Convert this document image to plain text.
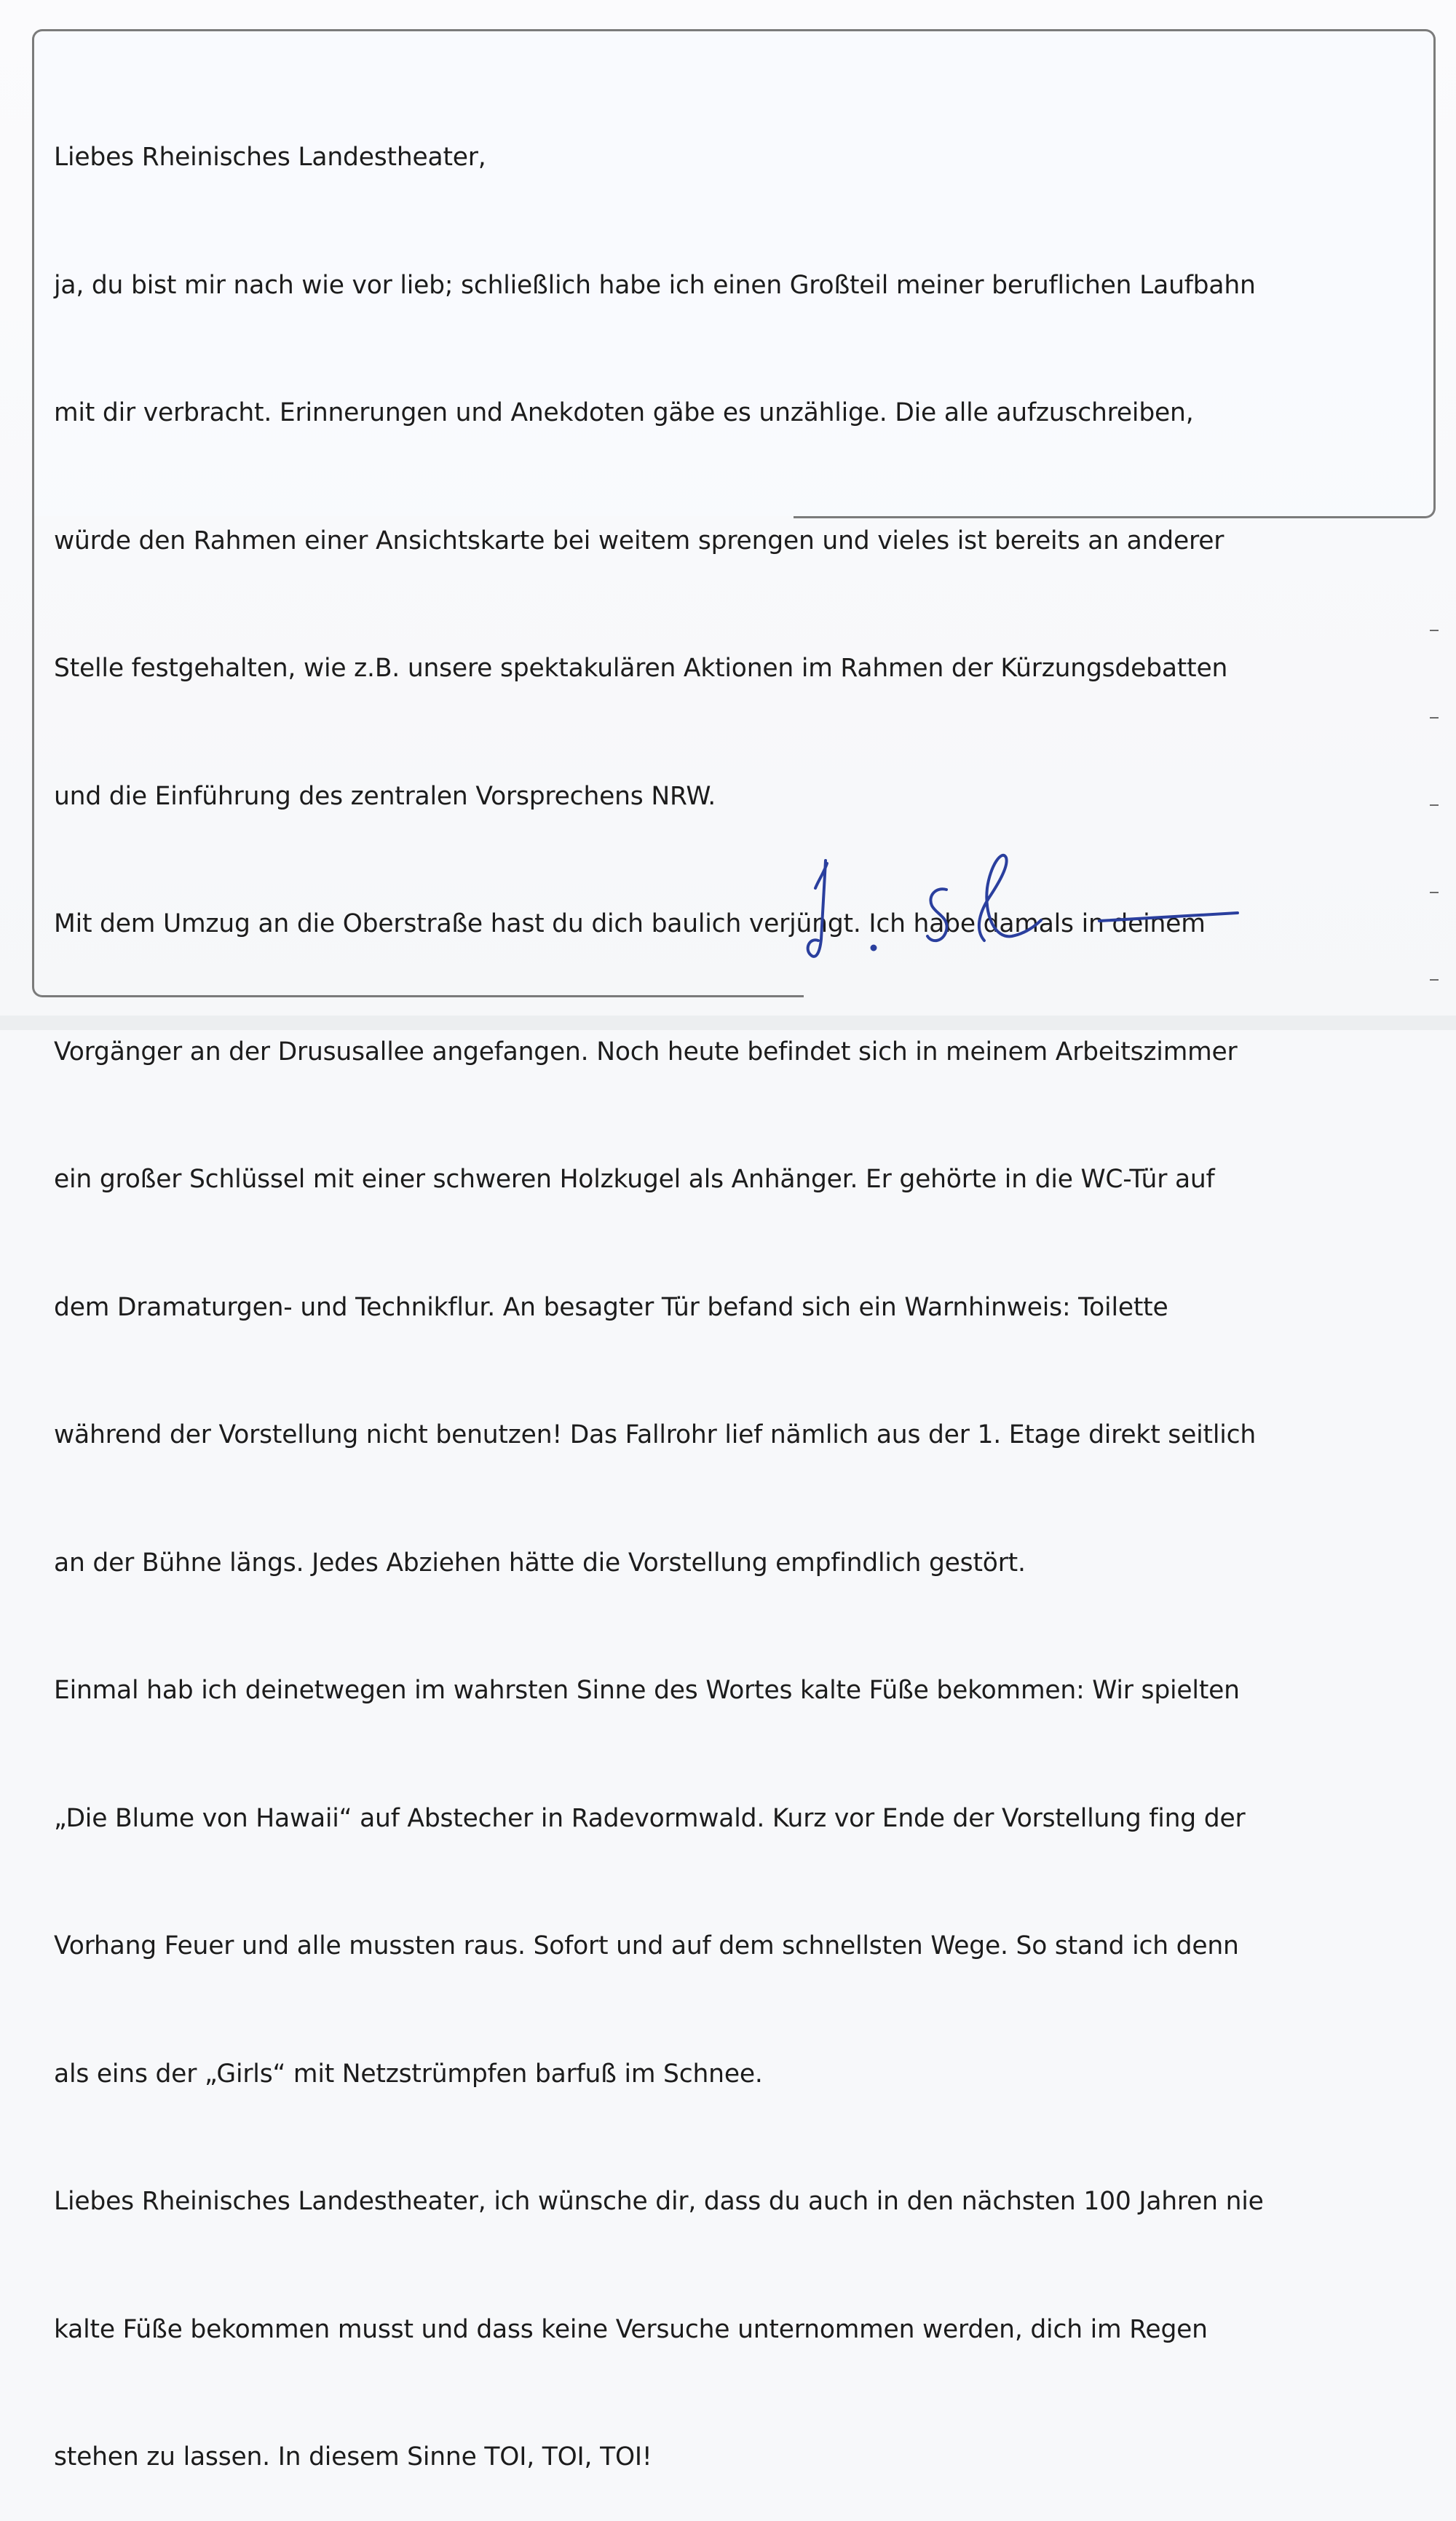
Liebes Rheinisches Landestheater,

ja, du bist mir nach wie vor lieb; schließlich habe ich einen Großteil meiner beruflichen Laufbahn

mit dir verbracht. Erinnerungen und Anekdoten gäbe es unzählige. Die alle aufzuschreiben,

würde den Rahmen einer Ansichtskarte bei weitem sprengen und vieles ist bereits an anderer

Stelle festgehalten, wie z.B. unsere spektakulären Aktionen im Rahmen der Kürzungsdebatten

und die Einführung des zentralen Vorsprechens NRW.

Mit dem Umzug an die Oberstraße hast du dich baulich verjüngt. Ich habe damals in deinem

Vorgänger an der Drususallee angefangen. Noch heute befindet sich in meinem Arbeitszimmer

ein großer Schlüssel mit einer schweren Holzkugel als Anhänger. Er gehörte in die WC-Tür auf

dem Dramaturgen- und Technikflur. An besagter Tür befand sich ein Warnhinweis: Toilette

während der Vorstellung nicht benutzen! Das Fallrohr lief nämlich aus der 1. Etage direkt seitlich

an der Bühne längs. Jedes Abziehen hätte die Vorstellung empfindlich gestört.

Einmal hab ich deinetwegen im wahrsten Sinne des Wortes kalte Füße bekommen: Wir spielten

„Die Blume von Hawaii“ auf Abstecher in Radevormwald. Kurz vor Ende der Vorstellung fing der

Vorhang Feuer und alle mussten raus. Sofort und auf dem schnellsten Wege. So stand ich denn

als eins der „Girls“ mit Netzstrümpfen barfuß im Schnee.

Liebes Rheinisches Landestheater, ich wünsche dir, dass du auch in den nächsten 100 Jahren nie

kalte Füße bekommen musst und dass keine Versuche unternommen werden, dich im Regen

stehen zu lassen. In diesem Sinne TOI, TOI, TOI!
